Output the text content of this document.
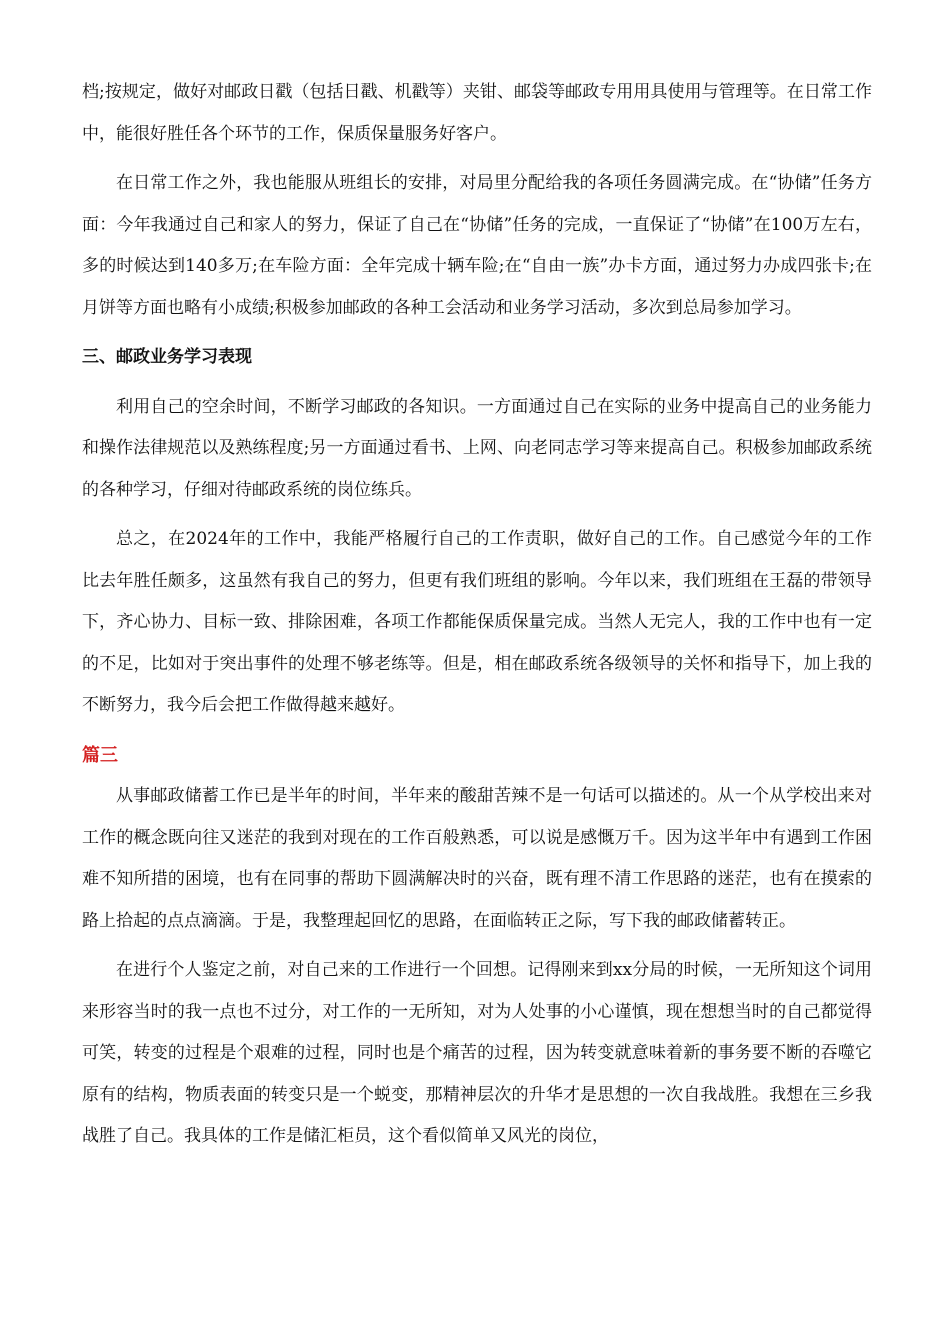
档;按规定，做好对邮政日戳（包括日戳、机戳等）夹钳、邮袋等邮政专用用具使用与管理等。在日常工作中，能很好胜任各个环节的工作，保质保量服务好客户。

在日常工作之外，我也能服从班组长的安排，对局里分配给我的各项任务圆满完成。在“协储”任务方面：今年我通过自己和家人的努力，保证了自己在“协储”任务的完成，一直保证了“协储”在100万左右，多的时候达到140多万;在车险方面：全年完成十辆车险;在“自由一族”办卡方面，通过努力办成四张卡;在月饼等方面也略有小成绩;积极参加邮政的各种工会活动和业务学习活动，多次到总局参加学习。

三、邮政业务学习表现

利用自己的空余时间，不断学习邮政的各知识。一方面通过自己在实际的业务中提高自己的业务能力和操作法律规范以及熟练程度;另一方面通过看书、上网、向老同志学习等来提高自己。积极参加邮政系统的各种学习，仔细对待邮政系统的岗位练兵。

总之，在2024年的工作中，我能严格履行自己的工作责职，做好自己的工作。自己感觉今年的工作比去年胜任颇多，这虽然有我自己的努力，但更有我们班组的影响。今年以来，我们班组在王磊的带领导下，齐心协力、目标一致、排除困难，各项工作都能保质保量完成。当然人无完人，我的工作中也有一定的不足，比如对于突出事件的处理不够老练等。但是，相在邮政系统各级领导的关怀和指导下，加上我的不断努力，我今后会把工作做得越来越好。

篇三

从事邮政储蓄工作已是半年的时间，半年来的酸甜苦辣不是一句话可以描述的。从一个从学校出来对工作的概念既向往又迷茫的我到对现在的工作百般熟悉，可以说是感慨万千。因为这半年中有遇到工作困难不知所措的困境，也有在同事的帮助下圆满解决时的兴奋，既有理不清工作思路的迷茫，也有在摸索的路上拾起的点点滴滴。于是，我整理起回忆的思路，在面临转正之际，写下我的邮政储蓄转正。

在进行个人鉴定之前，对自己来的工作进行一个回想。记得刚来到xx分局的时候，一无所知这个词用来形容当时的我一点也不过分，对工作的一无所知，对为人处事的小心谨慎，现在想想当时的自己都觉得可笑，转变的过程是个艰难的过程，同时也是个痛苦的过程，因为转变就意味着新的事务要不断的吞噬它原有的结构，物质表面的转变只是一个蜕变，那精神层次的升华才是思想的一次自我战胜。我想在三乡我战胜了自己。我具体的工作是储汇柜员，这个看似简单又风光的岗位，
